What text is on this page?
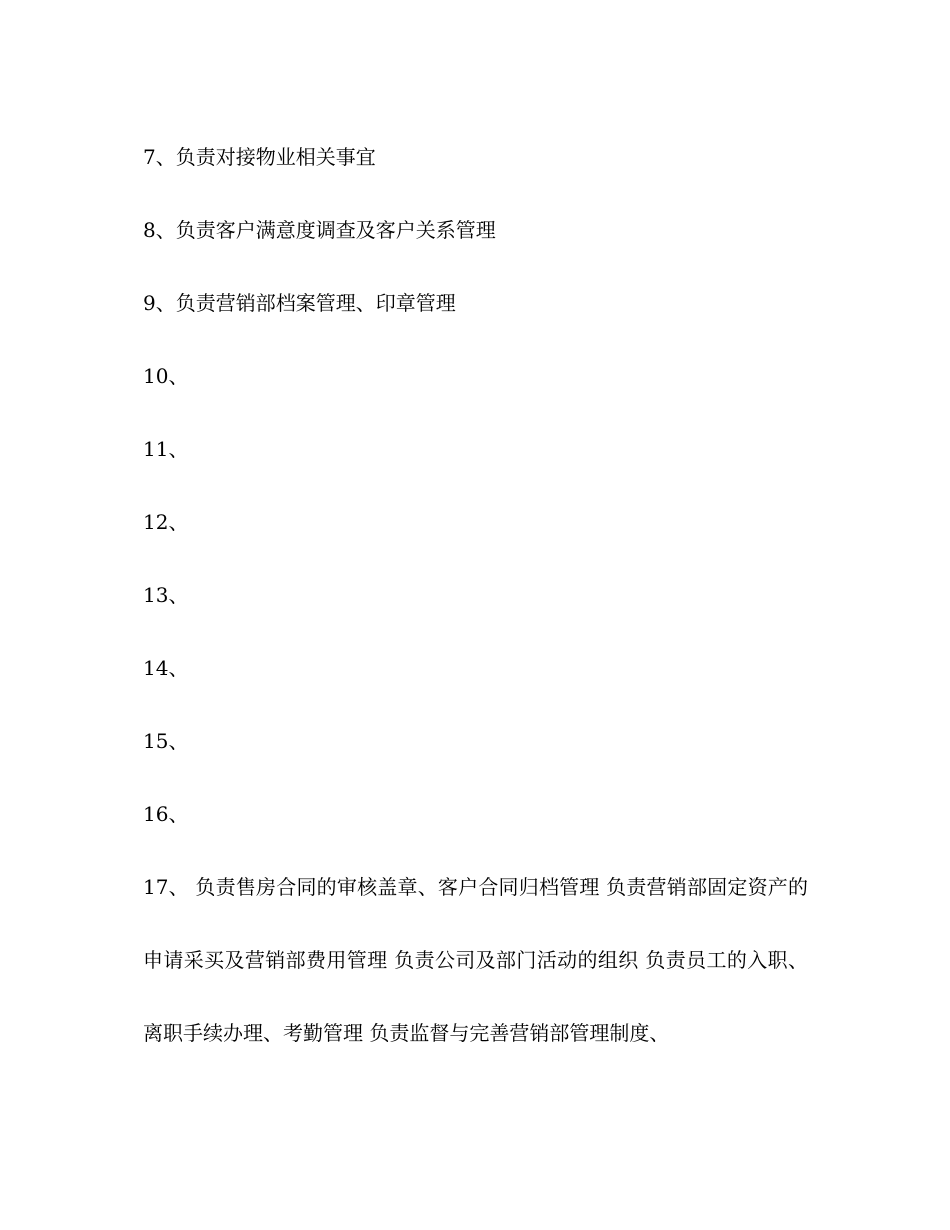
7、负责对接物业相关事宜
8、负责客户满意度调查及客户关系管理
9、负责营销部档案管理、印章管理
10、
11、
12、
13、
14、
15、
16、
17、 负责售房合同的审核盖章、客户合同归档管理 负责营销部固定资产的申请采买及营销部费用管理 负责公司及部门活动的组织 负责员工的入职、离职手续办理、考勤管理 负责监督与完善营销部管理制度、
